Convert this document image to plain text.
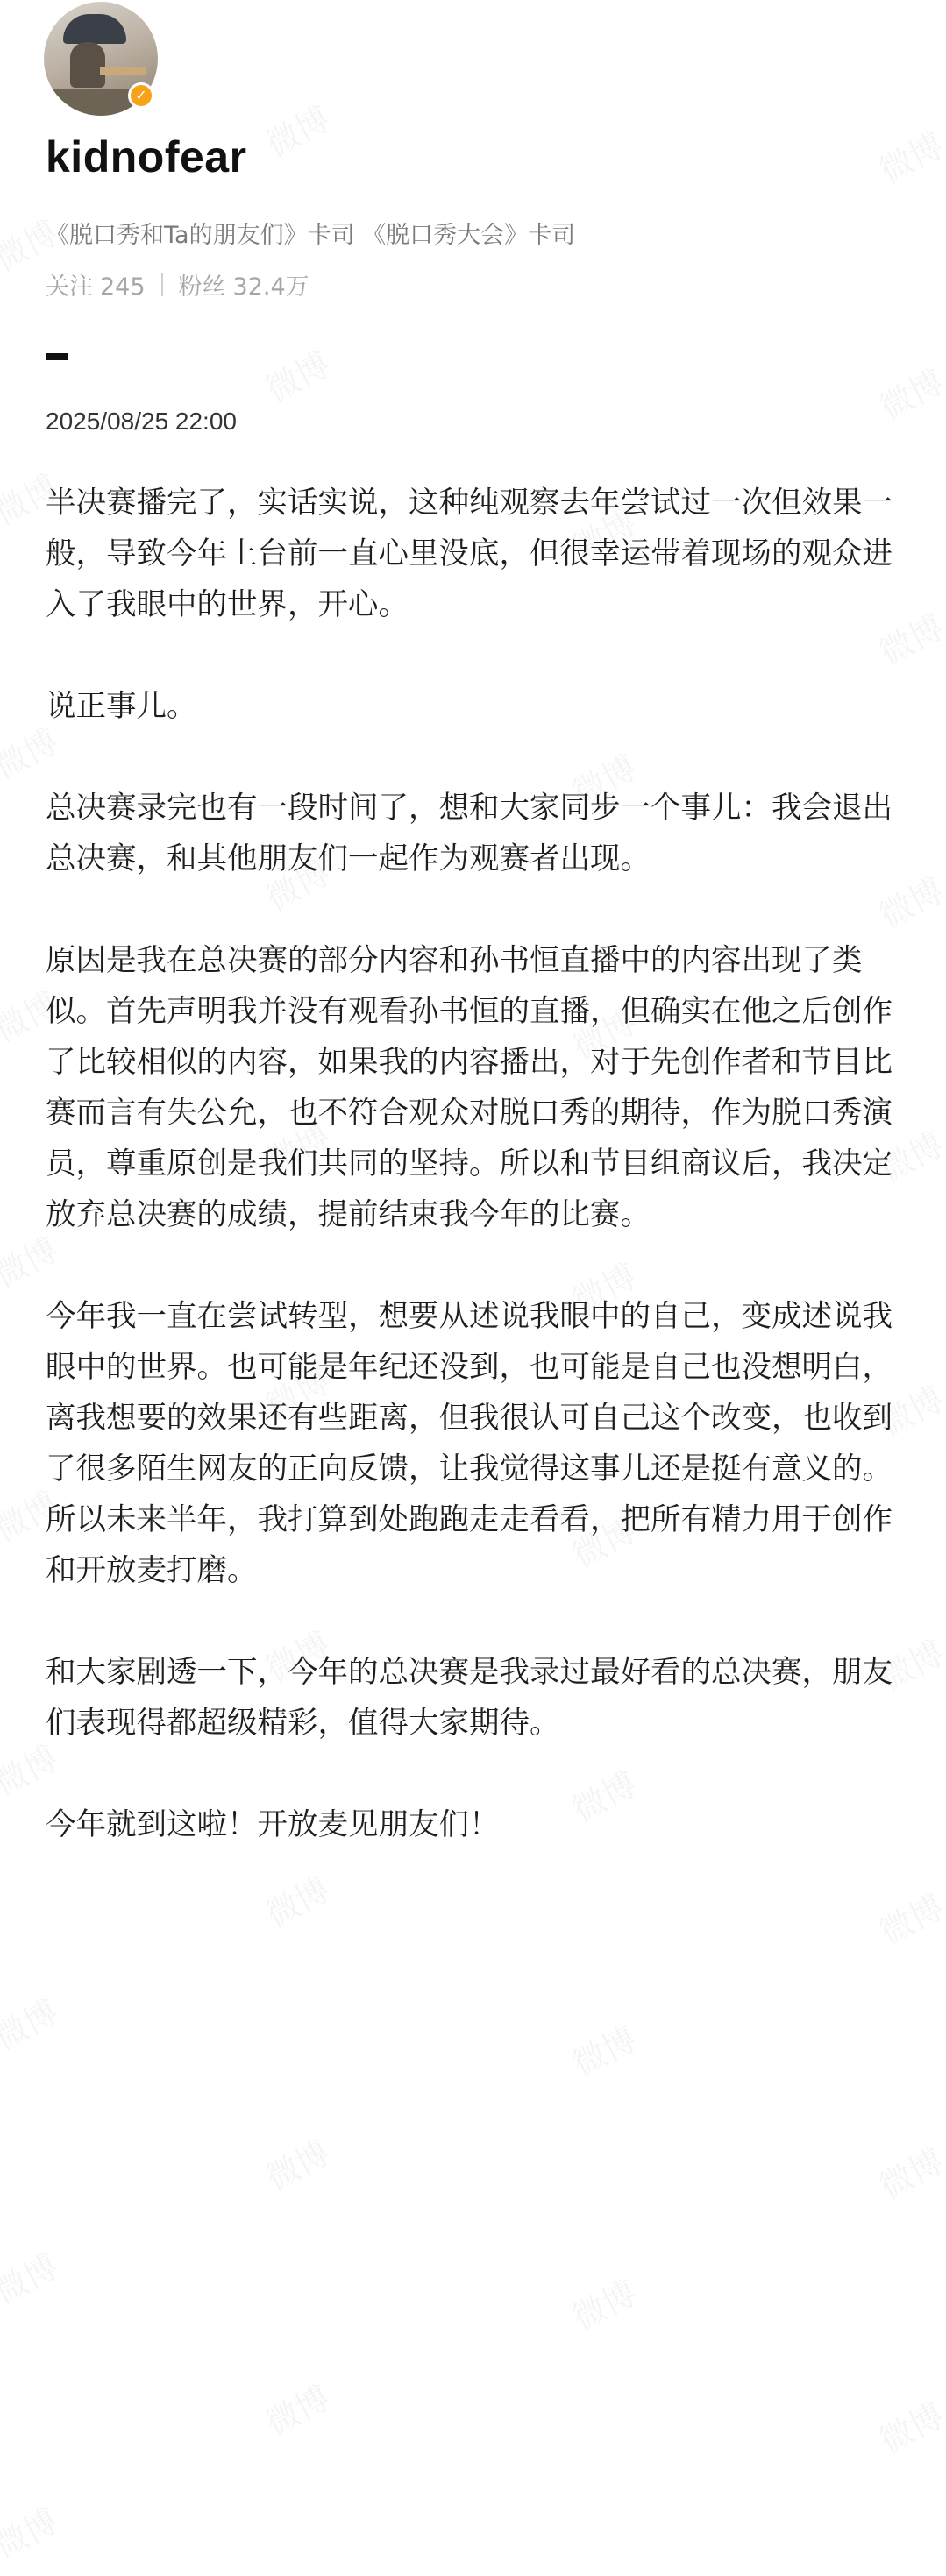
✓
kidnofear
《脱口秀和Ta的朋友们》卡司 《脱口秀大会》卡司
关注 245 粉丝 32.4万
2025/08/25 22:00

半决赛播完了，实话实说，这种纯观察去年尝试过一次但效果一般，导致今年上台前一直心里没底，但很幸运带着现场的观众进入了我眼中的世界，开心。

说正事儿。

总决赛录完也有一段时间了，想和大家同步一个事儿：我会退出总决赛，和其他朋友们一起作为观赛者出现。

原因是我在总决赛的部分内容和孙书恒直播中的内容出现了类似。首先声明我并没有观看孙书恒的直播，但确实在他之后创作了比较相似的内容，如果我的内容播出，对于先创作者和节目比赛而言有失公允，也不符合观众对脱口秀的期待，作为脱口秀演员，尊重原创是我们共同的坚持。所以和节目组商议后，我决定放弃总决赛的成绩，提前结束我今年的比赛。

今年我一直在尝试转型，想要从述说我眼中的自己，变成述说我眼中的世界。也可能是年纪还没到，也可能是自己也没想明白，离我想要的效果还有些距离，但我很认可自己这个改变，也收到了很多陌生网友的正向反馈，让我觉得这事儿还是挺有意义的。所以未来半年，我打算到处跑跑走走看看，把所有精力用于创作和开放麦打磨。

和大家剧透一下，今年的总决赛是我录过最好看的总决赛，朋友们表现得都超级精彩，值得大家期待。

今年就到这啦！开放麦见朋友们！
